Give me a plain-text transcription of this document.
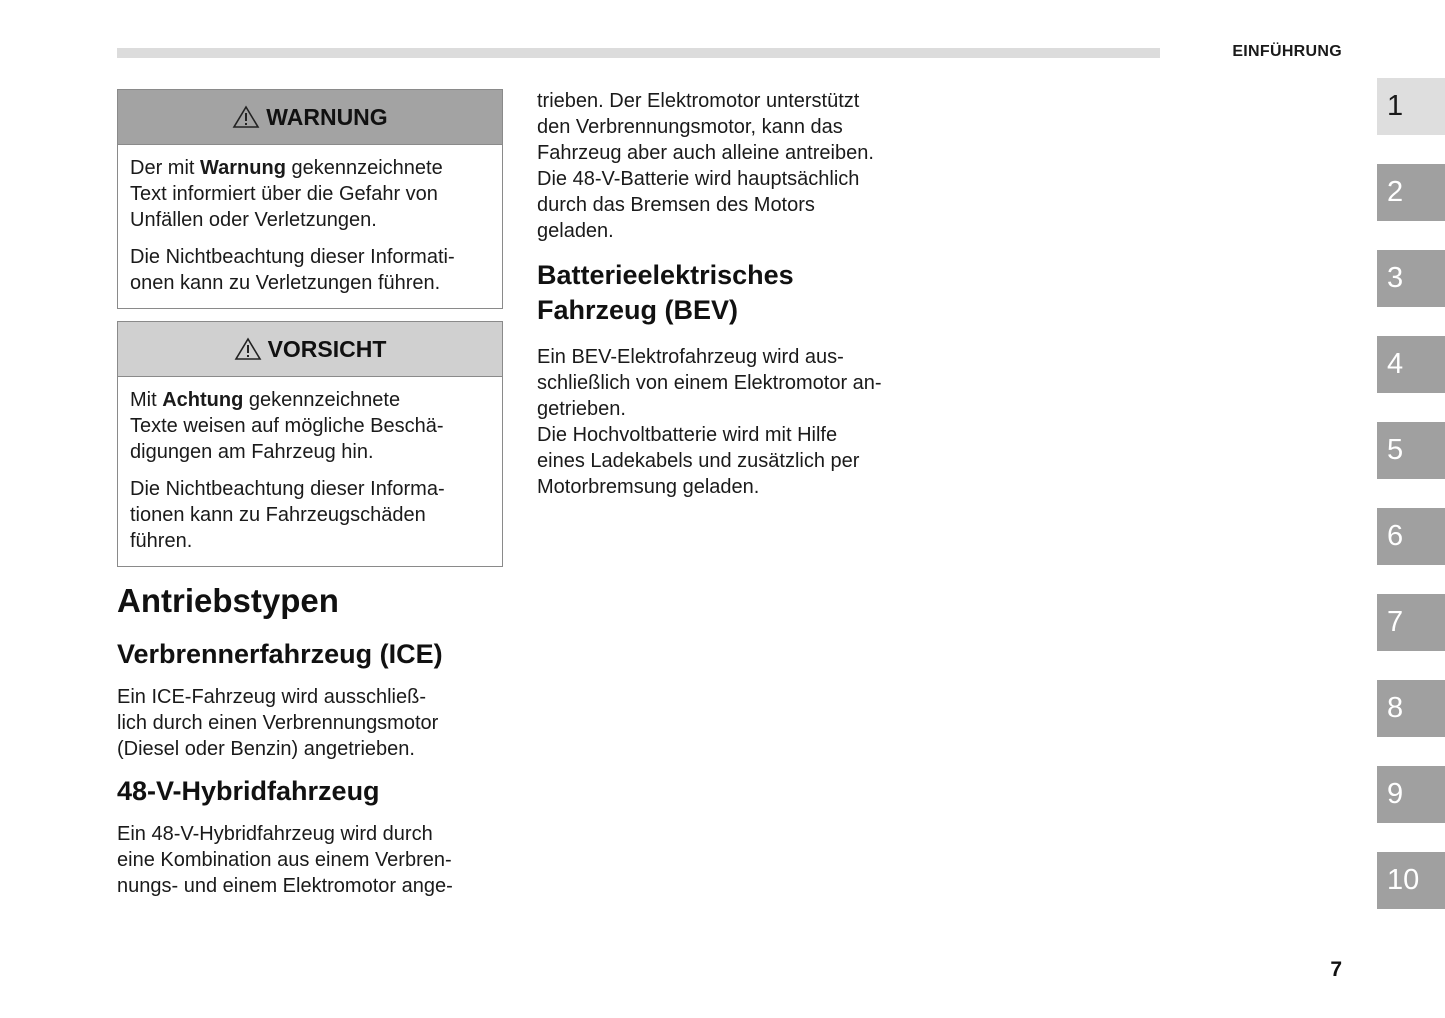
EINFÜHRUNG
WARNUNG

Der mit Warnung gekennzeichnete
Text informiert über die Gefahr von
Unfällen oder Verletzungen.

Die Nichtbeachtung dieser Informati-
onen kann zu Verletzungen führen.

VORSICHT

Mit Achtung gekennzeichnete
Texte weisen auf mögliche Beschä-
digungen am Fahrzeug hin.

Die Nichtbeachtung dieser Informa-
tionen kann zu Fahrzeugschäden
führen.

Antriebstypen
Verbrennerfahrzeug (ICE)

Ein ICE-Fahrzeug wird ausschließ-
lich durch einen Verbrennungsmotor
(Diesel oder Benzin) angetrieben.

48-V-Hybridfahrzeug

Ein 48-V-Hybridfahrzeug wird durch
eine Kombination aus einem Verbren-
nungs- und einem Elektromotor ange-

trieben. Der Elektromotor unterstützt
den Verbrennungsmotor, kann das
Fahrzeug aber auch alleine antreiben.
Die 48-V-Batterie wird hauptsächlich
durch das Bremsen des Motors
geladen.

Batterieelektrisches
Fahrzeug (BEV)

Ein BEV-Elektrofahrzeug wird aus-
schließlich von einem Elektromotor an-
getrieben.
Die Hochvoltbatterie wird mit Hilfe
eines Ladekabels und zusätzlich per
Motorbremsung geladen.

1
2
3
4
5
6
7
8
9
10
7
